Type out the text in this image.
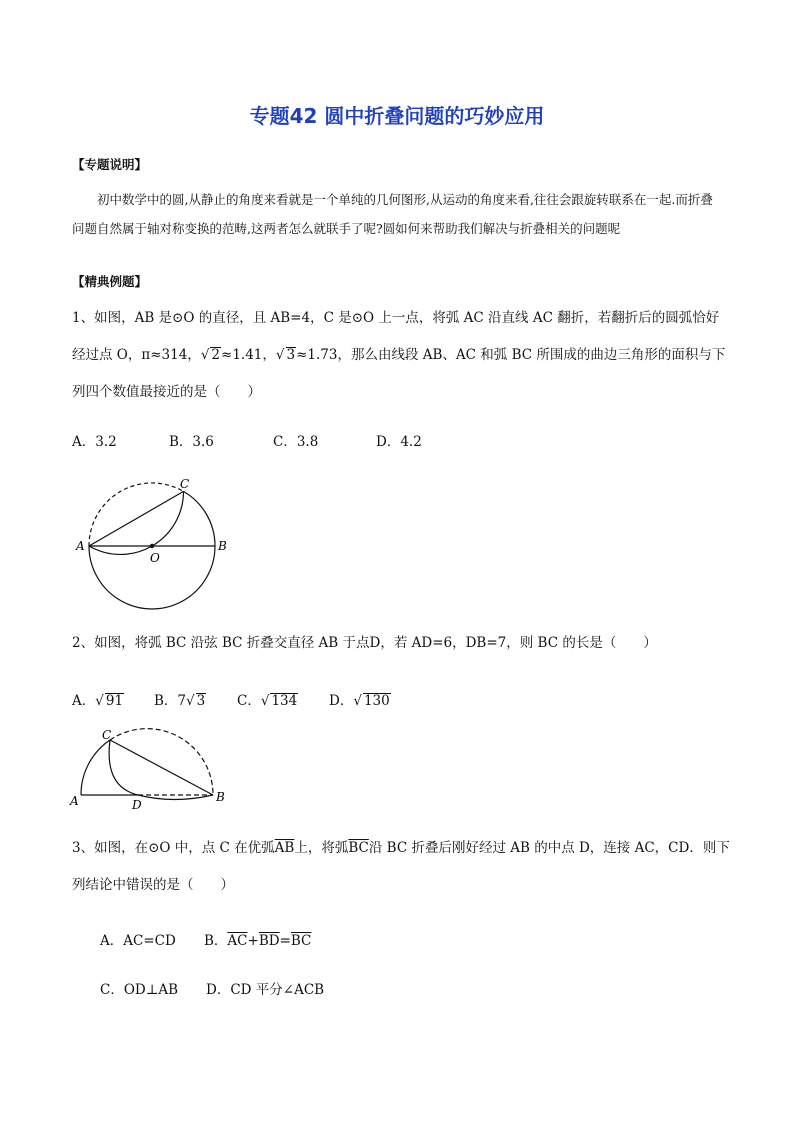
专题42 圆中折叠问题的巧妙应用
【专题说明】
初中数学中的圆,从静止的角度来看就是一个单纯的几何图形,从运动的角度来看,往往会跟旋转联系在一起.而折叠问题自然属于轴对称变换的范畴,这两者怎么就联手了呢?圆如何来帮助我们解决与折叠相关的问题呢
【精典例题】
1、如图，AB 是⊙O 的直径，且 AB=4，C 是⊙O 上一点，将弧 AC 沿直线 AC 翻折，若翻折后的圆弧恰好经过点 O，π≈314，√ 2≈1.41，√ 3≈1.73，那么由线段 AB、AC 和弧 BC 所围成的曲边三角形的面积与下列四个数值最接近的是（　　）
A．3.2	B．3.6	C．3.8	D．4.2
A	B
C
O
2、如图，将弧 BC 沿弦 BC 折叠交直径 AB 于点D，若 AD=6，DB=7，则 BC 的长是（　　）
A．√ 91 B．7√ 3 C．√ 134 D．√ 130
A	B
C
D
3、如图，在⊙O 中，点 C 在优弧$\overline{AB}$上，将弧$\overline{BC}$沿 BC 折叠后刚好经过 AB 的中点 D，连接 AC，CD．则下列结论中错误的是（　　）
A．AC=CD B．$\overline{AC}+\overline{BD}=\overline{BC}$
C．OD⊥AB D．CD 平分∠ACB
